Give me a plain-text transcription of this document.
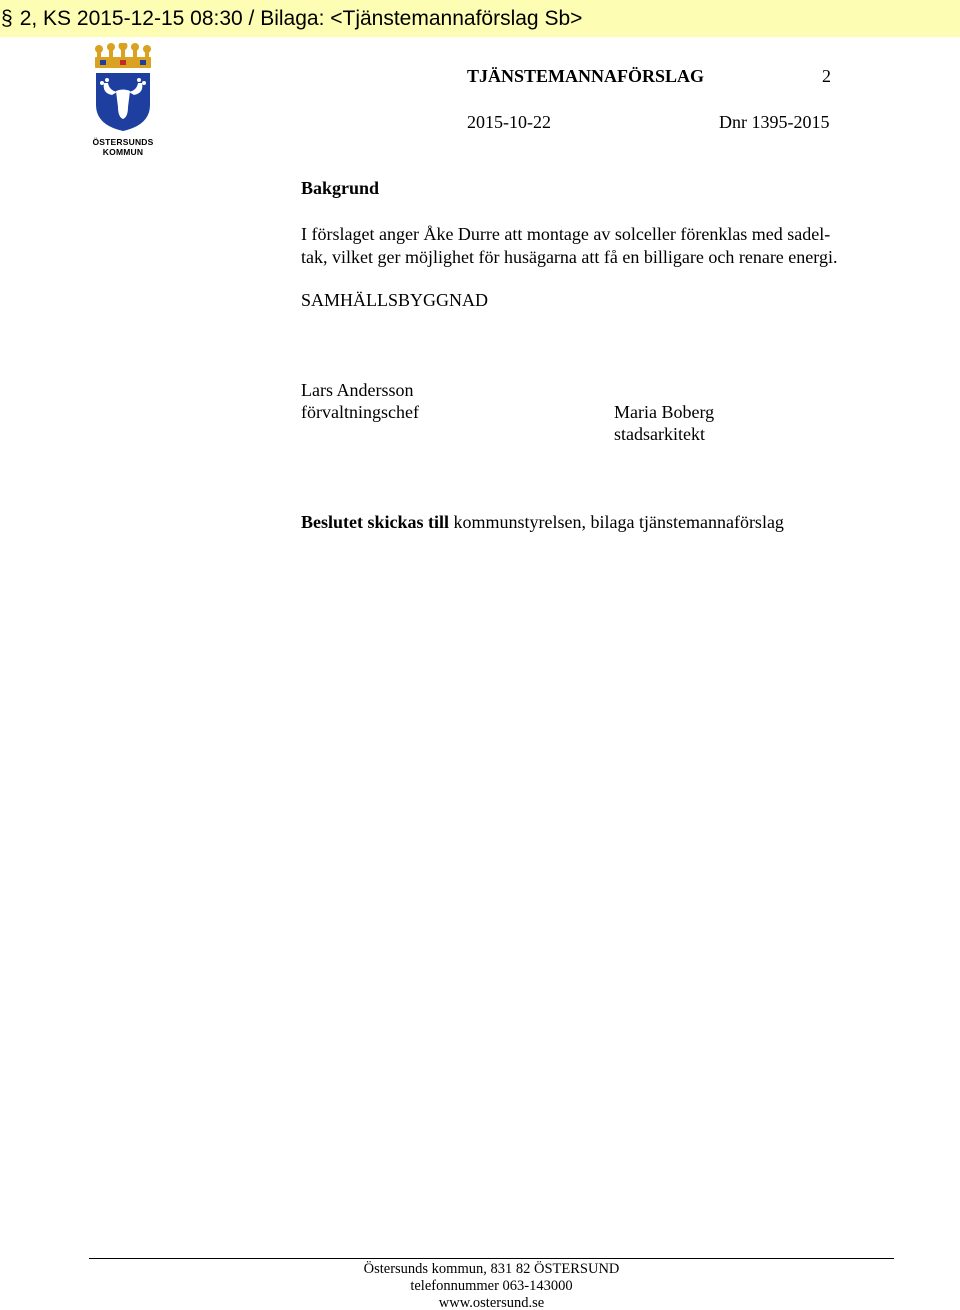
§ 2, KS 2015-12-15 08:30 / Bilaga: <Tjänstemannaförslag Sb>
ÖSTERSUNDS
KOMMUN
TJÄNSTEMANNAFÖRSLAG	2
2015-10-22	Dnr 1395-2015
Bakgrund
I förslaget anger Åke Durre att montage av solceller förenklas med sadel-
tak, vilket ger möjlighet för husägarna att få en billigare och renare energi.
SAMHÄLLSBYGGNAD
Lars Andersson
förvaltningschef	Maria Boberg
stadsarkitekt
Beslutet skickas till kommunstyrelsen, bilaga tjänstemannaförslag
Östersunds kommun, 831 82 ÖSTERSUND
telefonnummer 063-143000
www.ostersund.se
